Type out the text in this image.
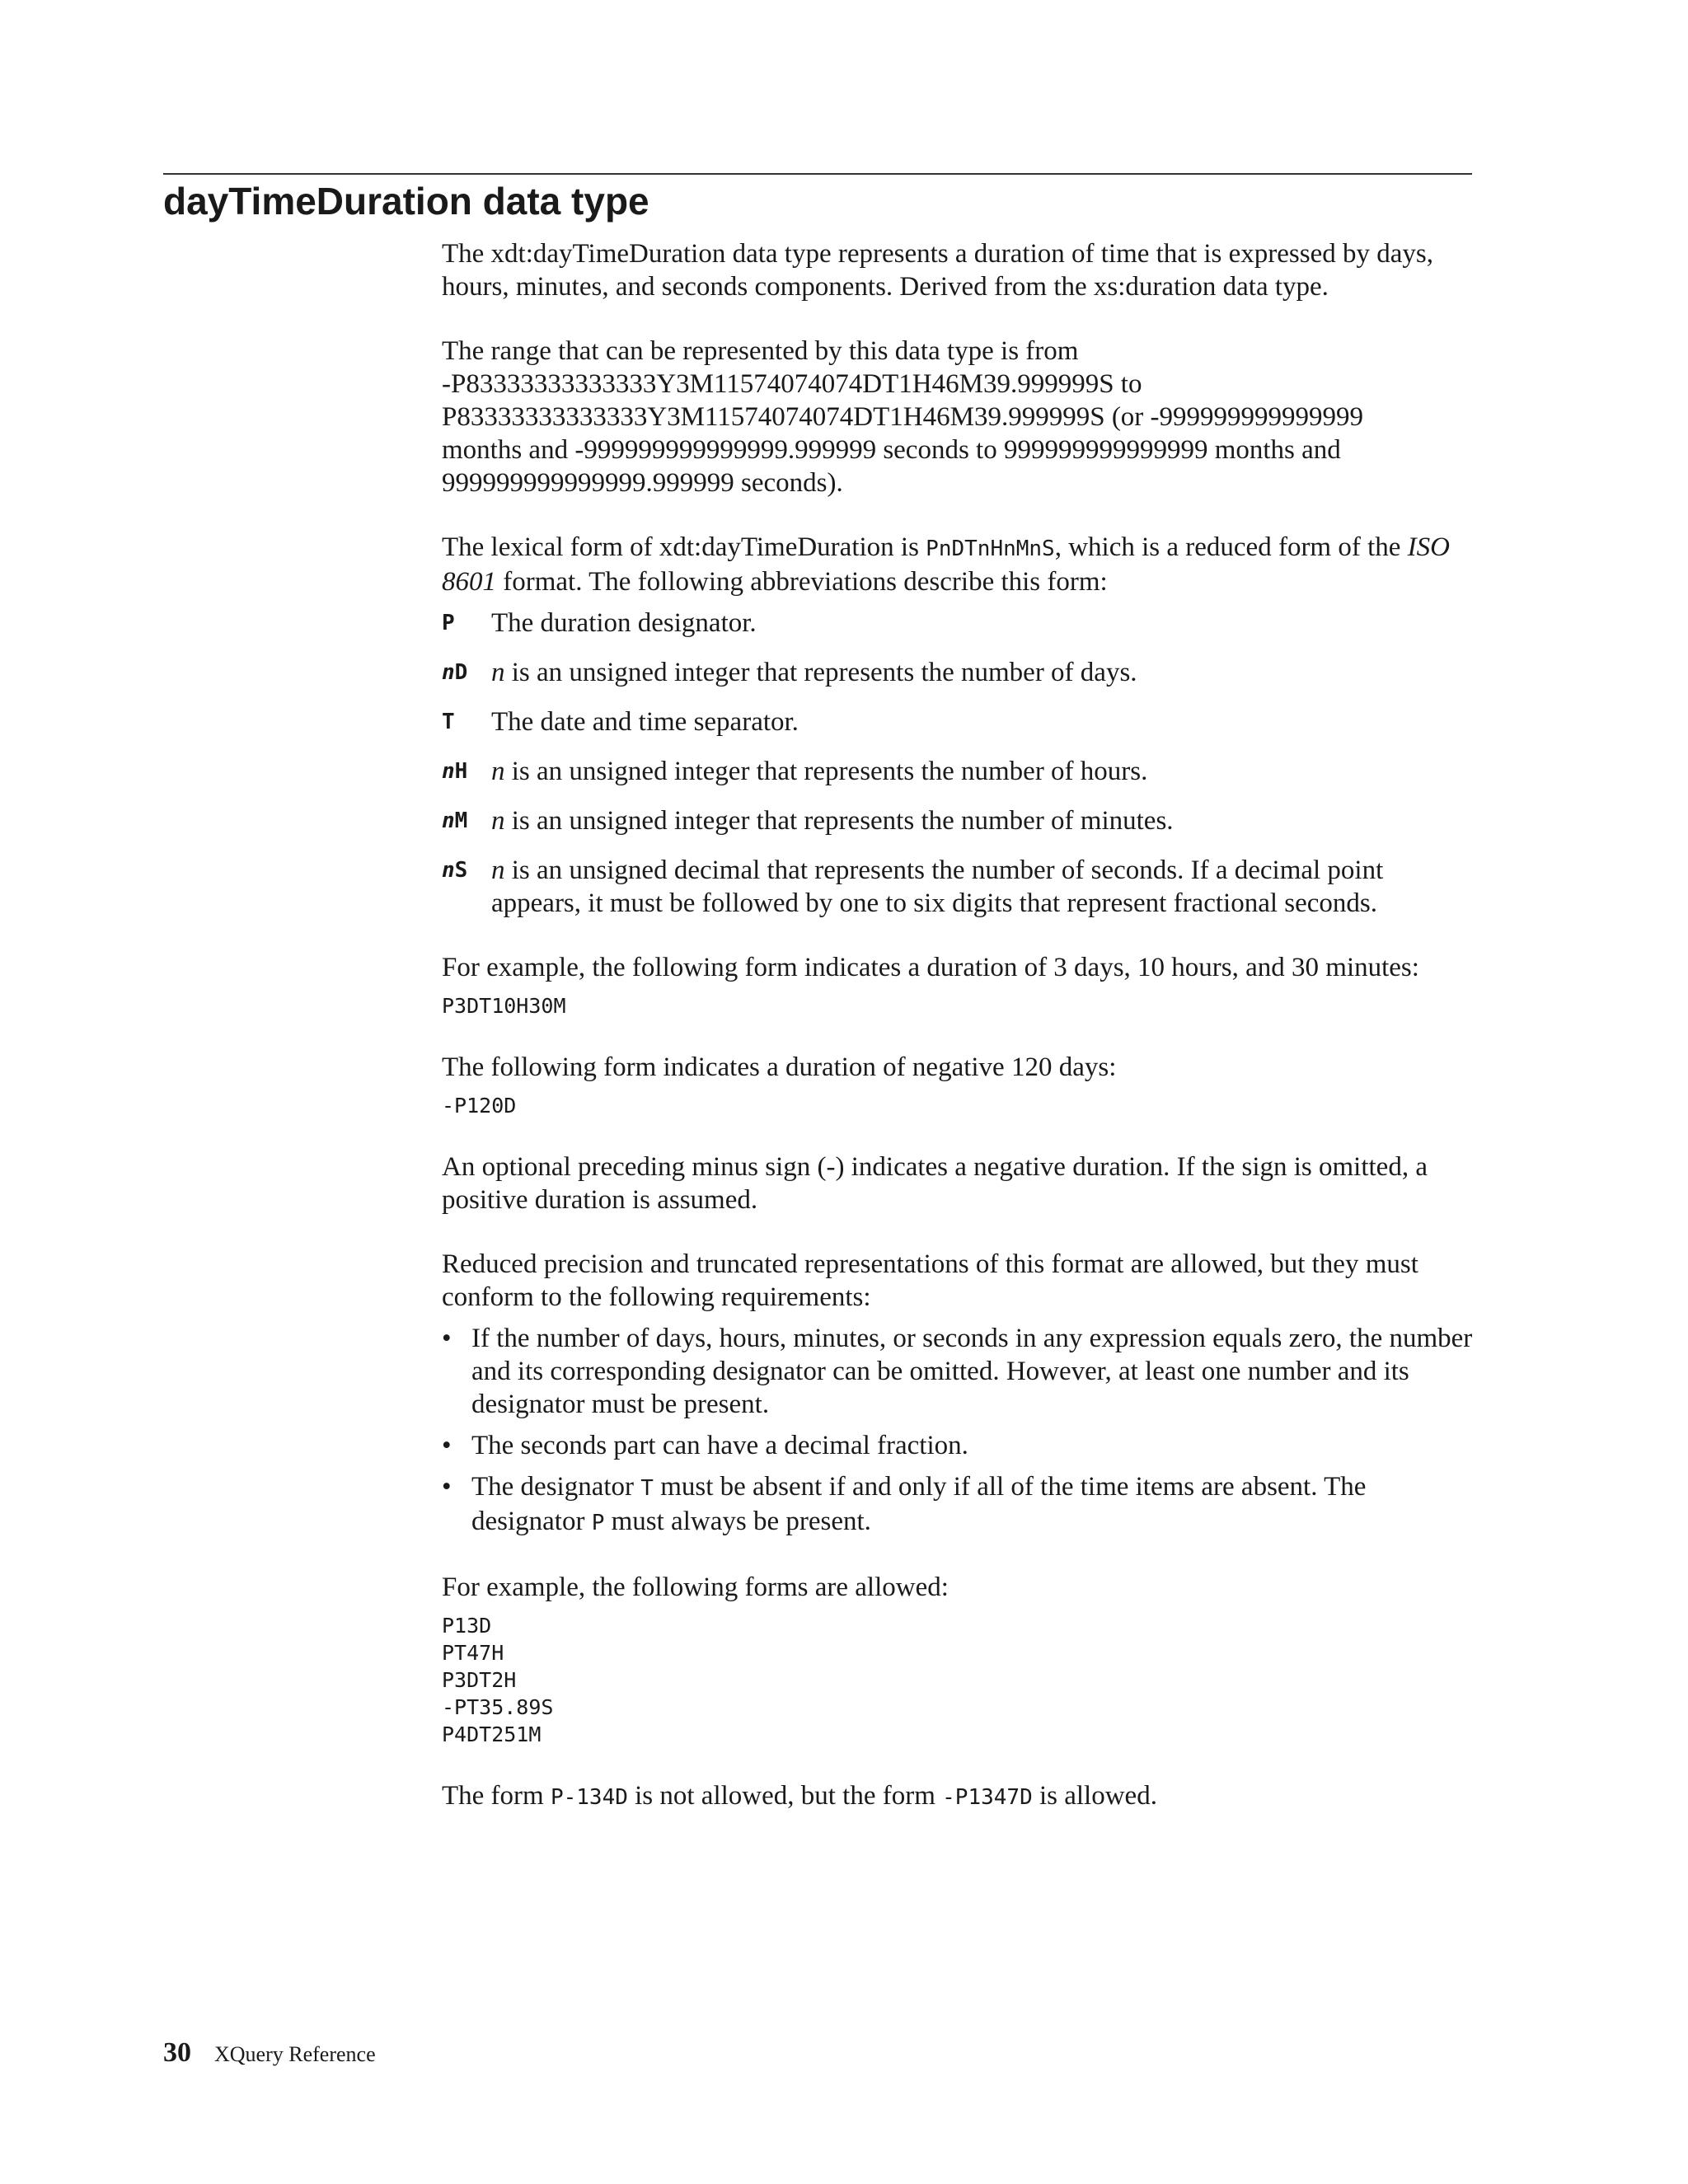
dayTimeDuration data type

The xdt:dayTimeDuration data type represents a duration of time that is expressed by days, hours, minutes, and seconds components. Derived from the xs:duration data type.

The range that can be represented by this data type is from
-P83333333333333Y3M11574074074DT1H46M39.999999S to
P83333333333333Y3M11574074074DT1H46M39.999999S (or -999999999999999
months and -999999999999999.999999 seconds to 999999999999999 months and
999999999999999.999999 seconds).

The lexical form of xdt:dayTimeDuration is PnDTnHnMnS, which is a reduced form of the ISO 8601 format. The following abbreviations describe this form:

P	The duration designator.
nD n is an unsigned integer that represents the number of days.
T	The date and time separator.
nH n is an unsigned integer that represents the number of hours.
nM n is an unsigned integer that represents the number of minutes.
nS n is an unsigned decimal that represents the number of seconds. If a decimal point appears, it must be followed by one to six digits that represent fractional seconds.

For example, the following form indicates a duration of 3 days, 10 hours, and 30 minutes:

P3DT10H30M

The following form indicates a duration of negative 120 days:

-P120D

An optional preceding minus sign (-) indicates a negative duration. If the sign is omitted, a positive duration is assumed.

Reduced precision and truncated representations of this format are allowed, but they must conform to the following requirements:

• If the number of days, hours, minutes, or seconds in any expression equals zero, the number and its corresponding designator can be omitted. However, at least one number and its designator must be present.
• The seconds part can have a decimal fraction.
• The designator T must be absent if and only if all of the time items are absent. The designator P must always be present.

For example, the following forms are allowed:

P13D
PT47H
P3DT2H
-PT35.89S
P4DT251M

The form P-134D is not allowed, but the form -P1347D is allowed.

30 XQuery Reference
